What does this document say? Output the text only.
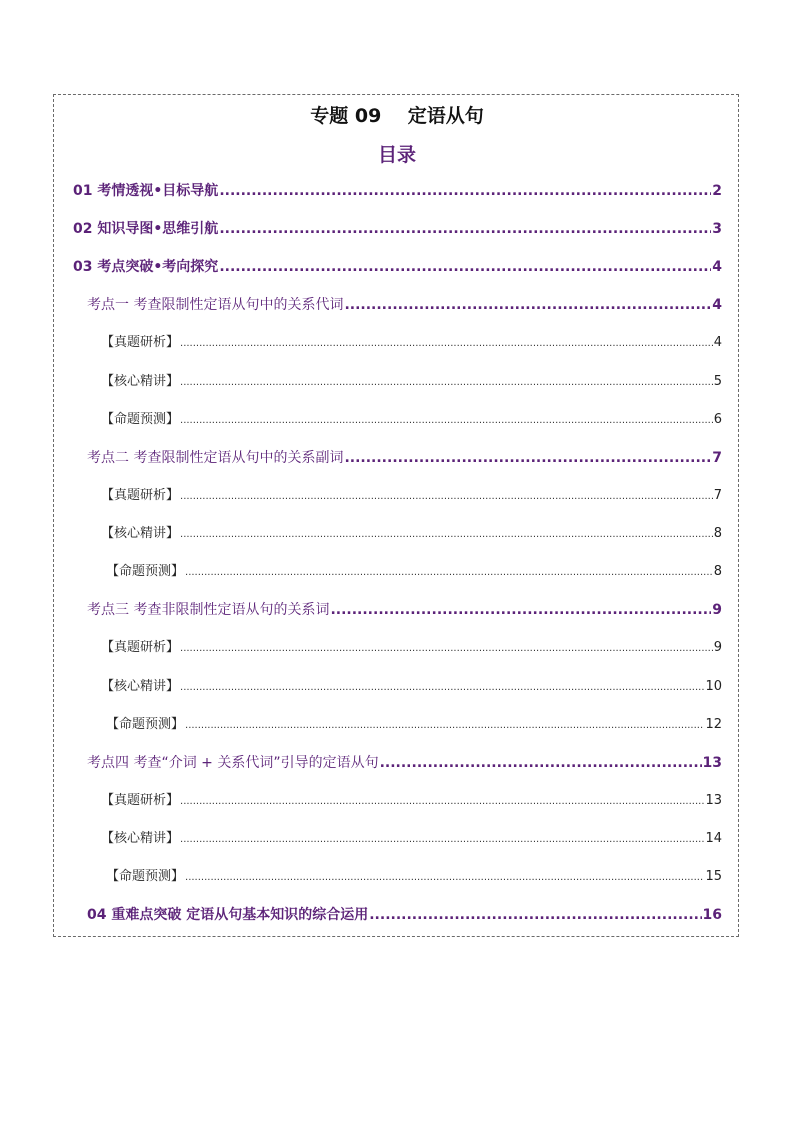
专题 09    定语从句
目录
01 考情透视•目标导航 .....	2
02 知识导图•思维引航 .....	3
03 考点突破•考向探究 .....	4
考点一 考查限制性定语从句中的关系代词 .....	4
【真题研析】 .....	4
【核心精讲】 .....	5
【命题预测】 .....	6
考点二 考查限制性定语从句中的关系副词 .....	7
【真题研析】 .....	7
【核心精讲】 .....	8
【命题预测】 .....	8
考点三 考查非限制性定语从句的关系词 .....	9
【真题研析】 .....	9
【核心精讲】 .....	10
【命题预测】 .....	12
考点四 考查“介词 + 关系代词”引导的定语从句 .....	13
【真题研析】 .....	13
【核心精讲】 .....	14
【命题预测】 .....	15
04 重难点突破 定语从句基本知识的综合运用 .....	16
